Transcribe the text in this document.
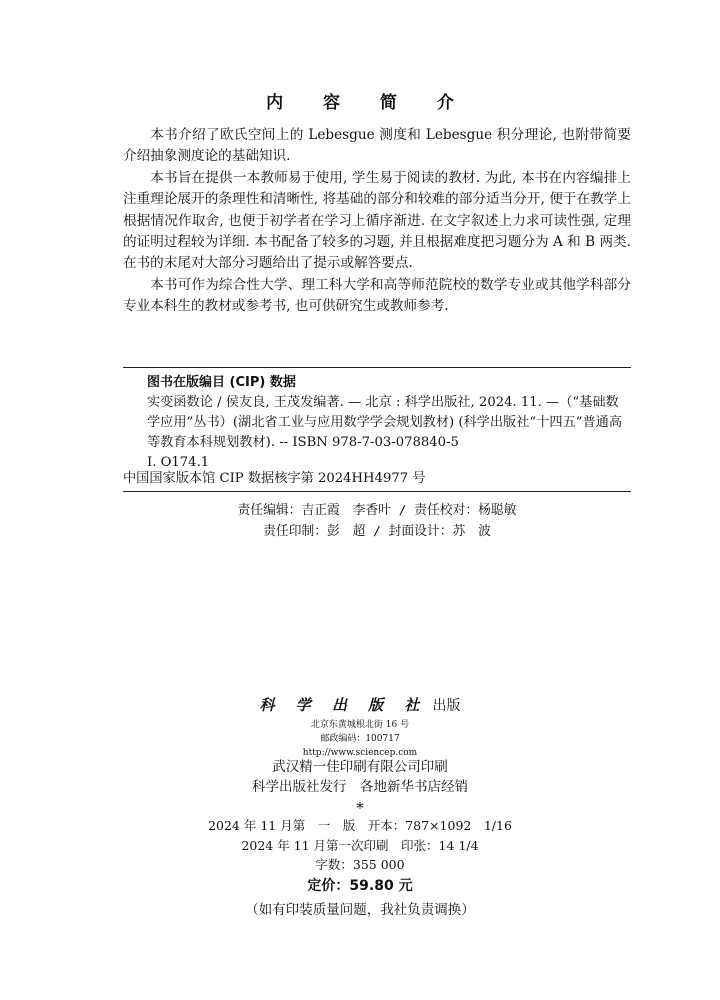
内 容 简 介

本书介绍了欧氏空间上的 Lebesgue 测度和 Lebesgue 积分理论, 也附带简要介绍抽象测度论的基础知识.

本书旨在提供一本教师易于使用, 学生易于阅读的教材. 为此, 本书在内容编排上注重理论展开的条理性和清晰性, 将基础的部分和较难的部分适当分开, 便于在教学上根据情况作取舍, 也便于初学者在学习上循序渐进. 在文字叙述上力求可读性强, 定理的证明过程较为详细. 本书配备了较多的习题, 并且根据难度把习题分为 A 和 B 两类. 在书的末尾对大部分习题给出了提示或解答要点.

本书可作为综合性大学、理工科大学和高等师范院校的数学专业或其他学科部分专业本科生的教材或参考书, 也可供研究生或教师参考.

图书在版编目 (CIP) 数据
实变函数论 / 侯友良, 王茂发编著. — 北京 : 科学出版社, 2024. 11. —（“基础数学应用”丛书）(湖北省工业与应用数学学会规划教材) (科学出版社“十四五”普通高等教育本科规划教材). -- ISBN 978-7-03-078840-5
Ⅰ. O174.1
中国国家版本馆 CIP 数据核字第 2024HH4977 号
责任编辑：吉正霞　李香叶 / 责任校对：杨聪敏
责任印制：彭　超 / 封面设计：苏　波
科 学 出 版 社 出版
北京东黄城根北街 16 号
邮政编码：100717
http://www.sciencep.com
武汉精一佳印刷有限公司印刷
科学出版社发行　各地新华书店经销
*
2024 年 11 月第　一　版　开本：787×1092　1/16
2024 年 11 月第一次印刷　印张：14 1/4
字数：355 000
定价：59.80 元
（如有印装质量问题，我社负责调换）
